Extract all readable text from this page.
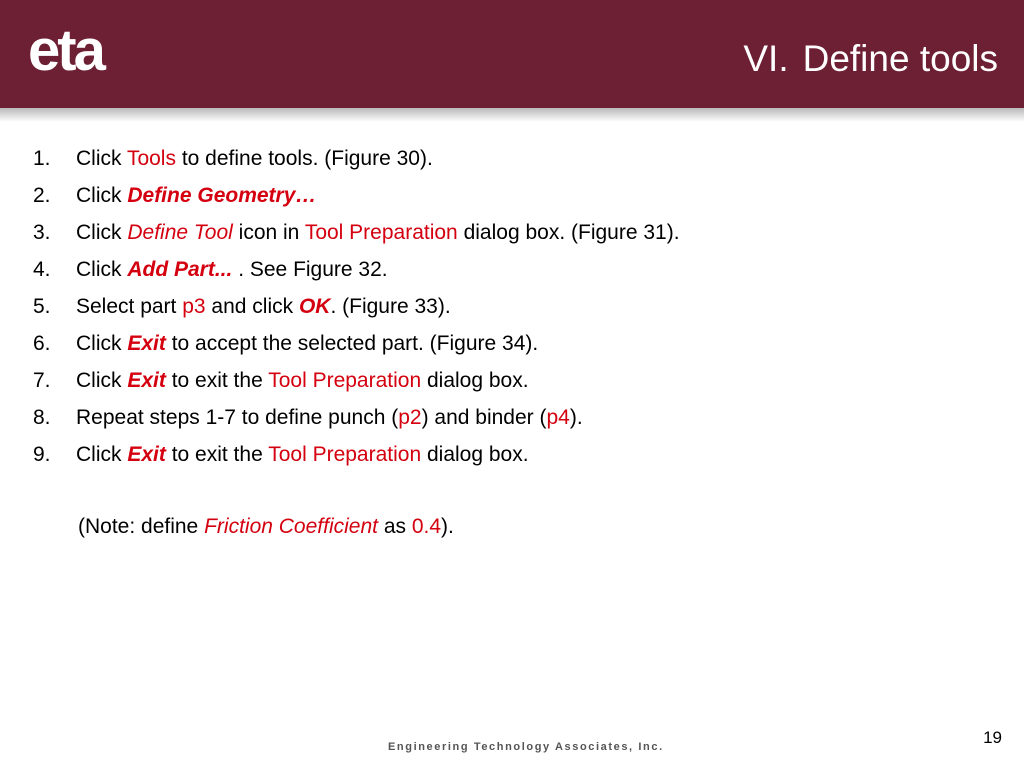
eta	VI. Define tools
1. Click Tools to define tools. (Figure 30).
2. Click Define Geometry…
3. Click Define Tool icon in Tool Preparation dialog box. (Figure 31).
4. Click Add Part... . See Figure 32.
5. Select part p3 and click OK. (Figure 33).
6. Click Exit to accept the selected part. (Figure 34).
7. Click Exit to exit the Tool Preparation dialog box.
8. Repeat steps 1-7 to define punch (p2) and binder (p4).
9. Click Exit to exit the Tool Preparation dialog box.
(Note: define Friction Coefficient as 0.4).
Engineering Technology Associates, Inc.	19
